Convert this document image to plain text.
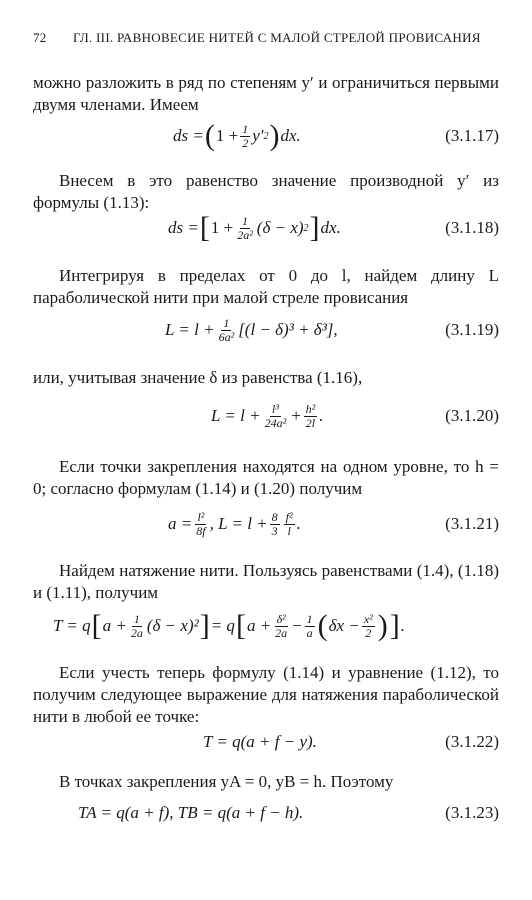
72 ГЛ. III. РАВНОВЕСИЕ НИТЕЙ С МАЛОЙ СТРЕЛОЙ ПРОВИСАНИЯ
можно разложить в ряд по степеням y′ и ограничиться первыми двумя членами. Имеем
ds = ( $1 + \frac{1}{2} y'$ 2 ) dx.	(3.1.17)
Внесем в это равенство значение производной y′ из формулы (1.13):
ds = [ $1 + \frac{1}{\text{2a²}} (\delta - x)$ 2 ] dx.	(3.1.18)
Интегрируя в пределах от 0 до l, найдем длину L параболической нити при малой стреле провисания
$L = l + \frac{1}{\text{6a²}} [(l - \delta)^3 + \delta^3]$,	(3.1.19)
или, учитывая значение δ из равенства (1.16),
$L = l + \frac{\text{l³}}{\text{24a²}} + \frac{\text{h²}}{2l}$ .	(3.1.20)
Если точки закрепления находятся на одном уровне, то h = 0; согласно формулам (1.14) и (1.20) получим
$a = \frac{\text{l²}}{8f}$ , $L = l + \frac{8}{3} \frac{\text{f²}}{l}$ .	(3.1.21)
Найдем натяжение нити. Пользуясь равенствами (1.4), (1.18) и (1.11), получим
T = q [ $a + \frac{1}{2a} (\delta - x)^2$ ] = q [ $a + \frac{\text{δ²}}{2a} - \frac{1}{a}$ ( $\delta x - \frac{\text{x²}}{2}$ ) ] .
Если учесть теперь формулу (1.14) и уравнение (1.12), то получим следующее выражение для натяжения параболической нити в любой ее точке:
T = q(a + f − y).	(3.1.22)
В точках закрепления yA = 0, yB = h. Поэтому
TA = q(a + f), TB = q(a + f − h).	(3.1.23)
